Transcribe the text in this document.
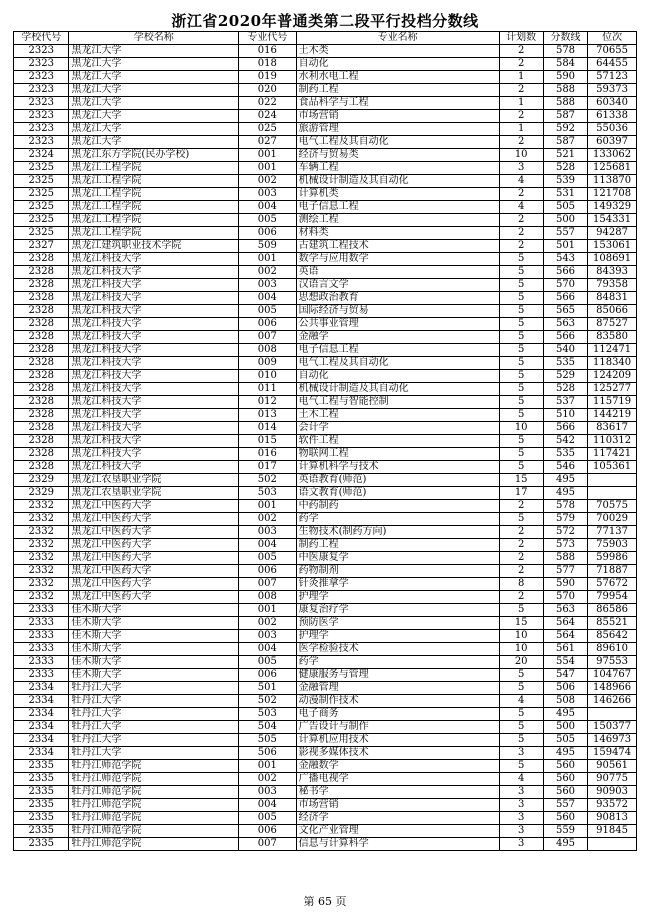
浙江省2020年普通类第二段平行投档分数线
学校代号	学校名称	专业代号	专业名称	计划数	分数线	位次
2323	黑龙江大学	016	土木类	2	578	70655
2323	黑龙江大学	018	自动化	2	584	64455
2323	黑龙江大学	019	水利水电工程	1	590	57123
2323	黑龙江大学	020	制药工程	2	588	59373
2323	黑龙江大学	022	食品科学与工程	1	588	60340
2323	黑龙江大学	024	市场营销	2	587	61338
2323	黑龙江大学	025	旅游管理	1	592	55036
2323	黑龙江大学	027	电气工程及其自动化	2	587	60397
2324	黑龙江东方学院(民办学校)	001	经济与贸易类	10	521	133062
2325	黑龙江工程学院	001	车辆工程	3	528	125681
2325	黑龙江工程学院	002	机械设计制造及其自动化	4	539	113870
2325	黑龙江工程学院	003	计算机类	2	531	121708
2325	黑龙江工程学院	004	电子信息工程	4	505	149329
2325	黑龙江工程学院	005	测绘工程	2	500	154331
2325	黑龙江工程学院	006	材料类	2	557	94287
2327	黑龙江建筑职业技术学院	509	古建筑工程技术	2	501	153061
2328	黑龙江科技大学	001	数学与应用数学	5	543	108691
2328	黑龙江科技大学	002	英语	5	566	84393
2328	黑龙江科技大学	003	汉语言文学	5	570	79358
2328	黑龙江科技大学	004	思想政治教育	5	566	84831
2328	黑龙江科技大学	005	国际经济与贸易	5	565	85066
2328	黑龙江科技大学	006	公共事业管理	5	563	87527
2328	黑龙江科技大学	007	金融学	5	566	83580
2328	黑龙江科技大学	008	电子信息工程	5	540	112471
2328	黑龙江科技大学	009	电气工程及其自动化	5	535	118340
2328	黑龙江科技大学	010	自动化	5	529	124209
2328	黑龙江科技大学	011	机械设计制造及其自动化	5	528	125277
2328	黑龙江科技大学	012	电气工程与智能控制	5	537	115719
2328	黑龙江科技大学	013	土木工程	5	510	144219
2328	黑龙江科技大学	014	会计学	10	566	83617
2328	黑龙江科技大学	015	软件工程	5	542	110312
2328	黑龙江科技大学	016	物联网工程	5	535	117421
2328	黑龙江科技大学	017	计算机科学与技术	5	546	105361
2329	黑龙江农垦职业学院	502	英语教育(师范)	15	495	
2329	黑龙江农垦职业学院	503	语文教育(师范)	17	495	
2332	黑龙江中医药大学	001	中药制药	2	578	70575
2332	黑龙江中医药大学	002	药学	5	579	70029
2332	黑龙江中医药大学	003	生物技术(制药方向)	2	572	77137
2332	黑龙江中医药大学	004	制药工程	2	573	75903
2332	黑龙江中医药大学	005	中医康复学	2	588	59986
2332	黑龙江中医药大学	006	药物制剂	2	577	71887
2332	黑龙江中医药大学	007	针灸推拿学	8	590	57672
2332	黑龙江中医药大学	008	护理学	2	570	79954
2333	佳木斯大学	001	康复治疗学	5	563	86586
2333	佳木斯大学	002	预防医学	15	564	85521
2333	佳木斯大学	003	护理学	10	564	85642
2333	佳木斯大学	004	医学检验技术	10	561	89610
2333	佳木斯大学	005	药学	20	554	97553
2333	佳木斯大学	006	健康服务与管理	5	547	104767
2334	牡丹江大学	501	金融管理	5	506	148966
2334	牡丹江大学	502	动漫制作技术	4	508	146266
2334	牡丹江大学	503	电子商务	5	495	
2334	牡丹江大学	504	广告设计与制作	5	500	150377
2334	牡丹江大学	505	计算机应用技术	5	505	146973
2334	牡丹江大学	506	影视多媒体技术	3	495	159474
2335	牡丹江师范学院	001	金融数学	5	560	90561
2335	牡丹江师范学院	002	广播电视学	4	560	90775
2335	牡丹江师范学院	003	秘书学	3	560	90903
2335	牡丹江师范学院	004	市场营销	3	557	93572
2335	牡丹江师范学院	005	经济学	3	560	90813
2335	牡丹江师范学院	006	文化产业管理	3	559	91845
2335	牡丹江师范学院	007	信息与计算科学	3	495	
第 65 页
